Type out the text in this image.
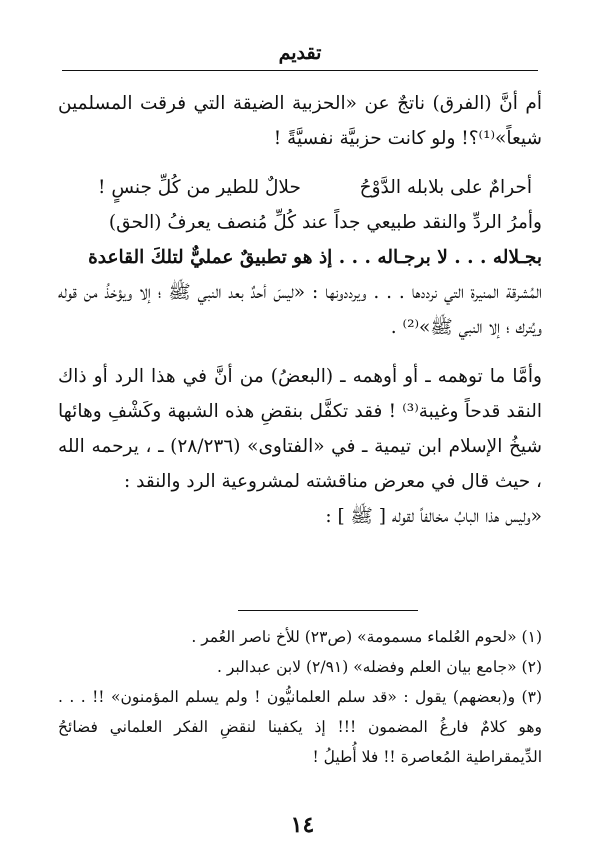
تقديم

أم أنَّ (الفرق) ناتجٌ عن «الحزبية الضيقة التي فرقت المسلمين شيعاً»⁽¹⁾؟! ولو كانت حزبيَّة نفسيَّةً !

أحرامٌ على بلابله الدَّوْحُ
حلالٌ للطير من كُلِّ جنسٍ !

وأمرُ الردِّ والنقد طبيعي جداً عند كُلِّ مُنصف يعرفُ (الحق)

بجـلاله . . . لا برجـاله . . . إذ هو تطبيقٌ عمليٌّ لتلكَ القاعدة

المُشرقة المنيرة التي نرددها . . . ويرددونها : «ليسَ أحدٌ بعد النبي ﷺ ؛ إلا ويؤخذُ من قوله ويُترك ؛ إلا النبي ﷺ»⁽²⁾ .

وأمَّا ما توهمه ـ أو أوهمه ـ (البعضُ) من أنَّ في هذا الرد أو ذاك النقد قدحاً وغيبة⁽³⁾ ! فقد تكفَّل بنقضِ هذه الشبهة وكَشْفِ وهائها شيخُ الإسلام ابن تيمية ـ في «الفتاوى» (٢٨/٢٣٦) ـ ، يرحمه الله ، حيث قال في معرض مناقشته لمشروعية الرد والنقد :

«وليس هذا البابُ مخالفاً لقوله [ ﷺ ] :

(١) «لحوم العُلماء مسمومة» (ص٢٣) للأخ ناصر العُمر .

(٢) «جامع بيان العلم وفضله» (٢/٩١) لابن عبدالبر .

(٣) و(بعضهم) يقول : «قد سلم العلمانيُّون ! ولم يسلم المؤمنون» !! . . . وهو كلامٌ فارغُ المضمون !!! إذ يكفينا لنقضِ الفكر العلماني فضائحُ الدِّيمقراطية المُعاصرة !! فلا أُطيلُ !

١٤
